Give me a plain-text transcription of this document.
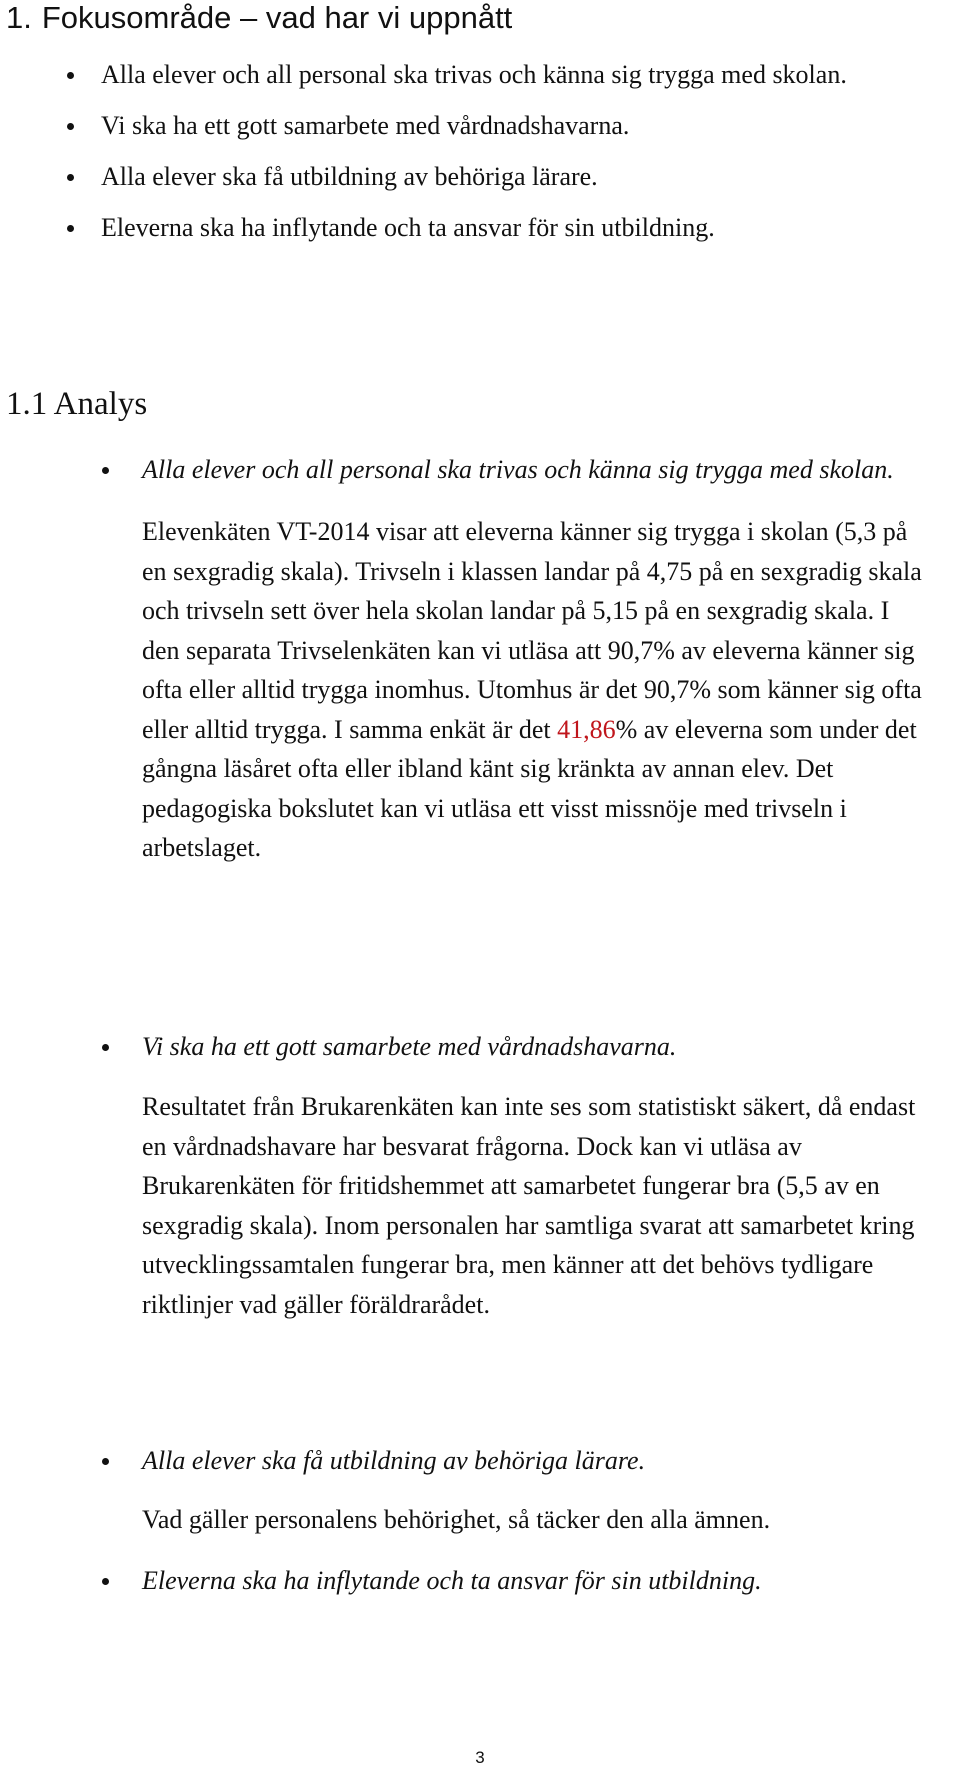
1. Fokusområde – vad har vi uppnått
Alla elever och all personal ska trivas och känna sig trygga med skolan.
Vi ska ha ett gott samarbete med vårdnadshavarna.
Alla elever ska få utbildning av behöriga lärare.
Eleverna ska ha inflytande och ta ansvar för sin utbildning.
1.1 Analys
Alla elever och all personal ska trivas och känna sig trygga med skolan.
Elevenkäten VT-2014 visar att eleverna känner sig trygga i skolan (5,3 på en sexgradig skala). Trivseln i klassen landar på 4,75 på en sexgradig skala och trivseln sett över hela skolan landar på 5,15 på en sexgradig skala. I den separata Trivselenkäten kan vi utläsa att 90,7% av eleverna känner sig ofta eller alltid trygga inomhus. Utomhus är det 90,7% som känner sig ofta eller alltid trygga. I samma enkät är det 41,86% av eleverna som under det gångna läsåret ofta eller ibland känt sig kränkta av annan elev. Det pedagogiska bokslutet kan vi utläsa ett visst missnöje med trivseln i arbetslaget.
Vi ska ha ett gott samarbete med vårdnadshavarna.
Resultatet från Brukarenkäten kan inte ses som statistiskt säkert, då endast en vårdnadshavare har besvarat frågorna. Dock kan vi utläsa av Brukarenkäten för fritidshemmet att samarbetet fungerar bra (5,5 av en sexgradig skala). Inom personalen har samtliga svarat att samarbetet kring utvecklingssamtalen fungerar bra, men känner att det behövs tydligare riktlinjer vad gäller föräldrarådet.
Alla elever ska få utbildning av behöriga lärare.
Vad gäller personalens behörighet, så täcker den alla ämnen.
Eleverna ska ha inflytande och ta ansvar för sin utbildning.
3
